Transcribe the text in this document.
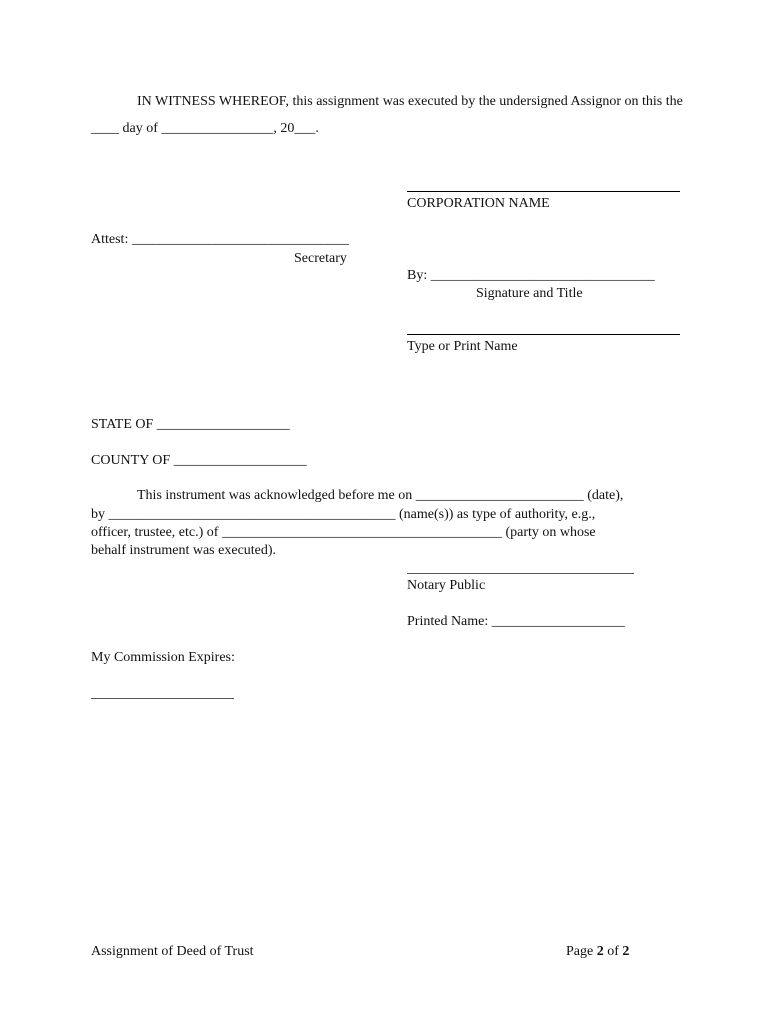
IN WITNESS WHEREOF, this assignment was executed by the undersigned Assignor on this the
____ day of ________________, 20___.
CORPORATION NAME
Attest: _______________________________
Secretary
By: ________________________________
Signature and Title
Type or Print Name
STATE OF ___________________
COUNTY OF ___________________
This instrument was acknowledged before me on ________________________ (date),
by _________________________________________ (name(s)) as type of authority, e.g.,
officer, trustee, etc.) of ________________________________________ (party on whose
behalf instrument was executed).
Notary Public
Printed Name: ___________________
My Commission Expires:
Assignment of Deed of Trust	Page 2 of 2
